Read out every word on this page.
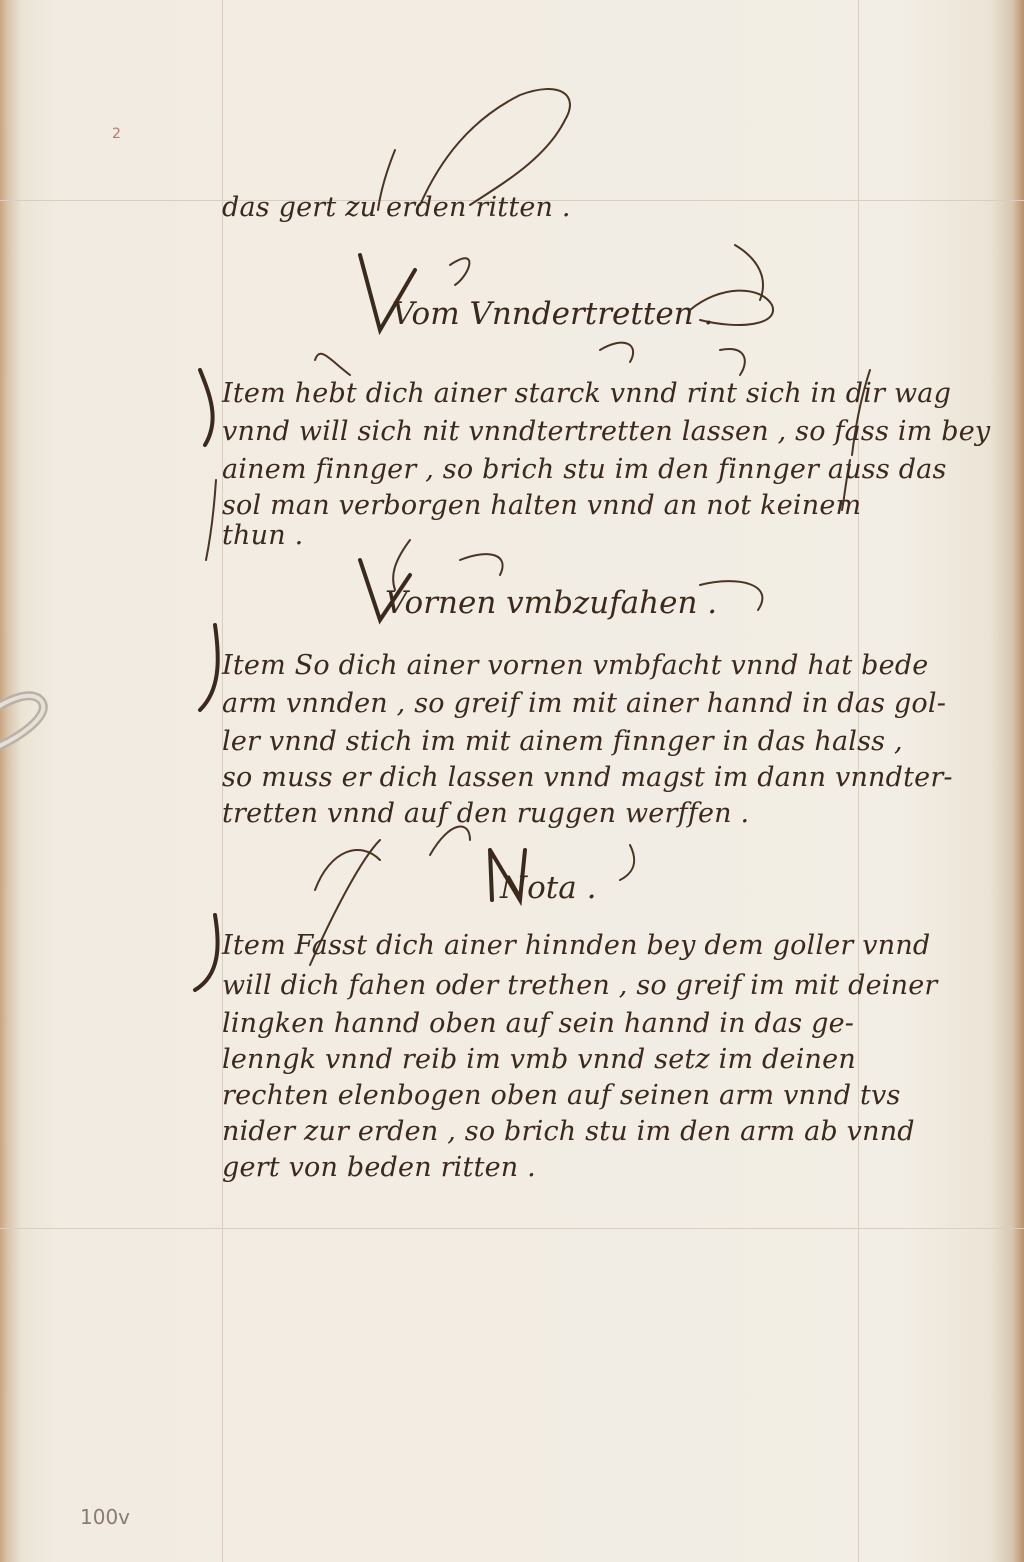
2
das gert zu erden ritten .
Vom Vnndertretten .
Item hebt dich ainer starck vnnd rint sich in dir wag
vnnd will sich nit vnndtertretten lassen , so fass im bey
ainem finnger , so brich stu im den finnger auss das
sol man verborgen halten vnnd an not keinem
thun .
Vornen vmbzufahen .
Item So dich ainer vornen vmbfacht vnnd hat bede
arm vnnden , so greif im mit ainer hannd in das gol-
ler vnnd stich im mit ainem finnger in das halss ,
so muss er dich lassen vnnd magst im dann vnndter-
tretten vnnd auf den ruggen werffen .
Nota .
Item Fasst dich ainer hinnden bey dem goller vnnd
will dich fahen oder trethen , so greif im mit deiner
lingken hannd oben auf sein hannd in das ge-
lenngk vnnd reib im vmb vnnd setz im deinen
rechten elenbogen oben auf seinen arm vnnd tvs
nider zur erden , so brich stu im den arm ab vnnd
gert von beden ritten .
100v
